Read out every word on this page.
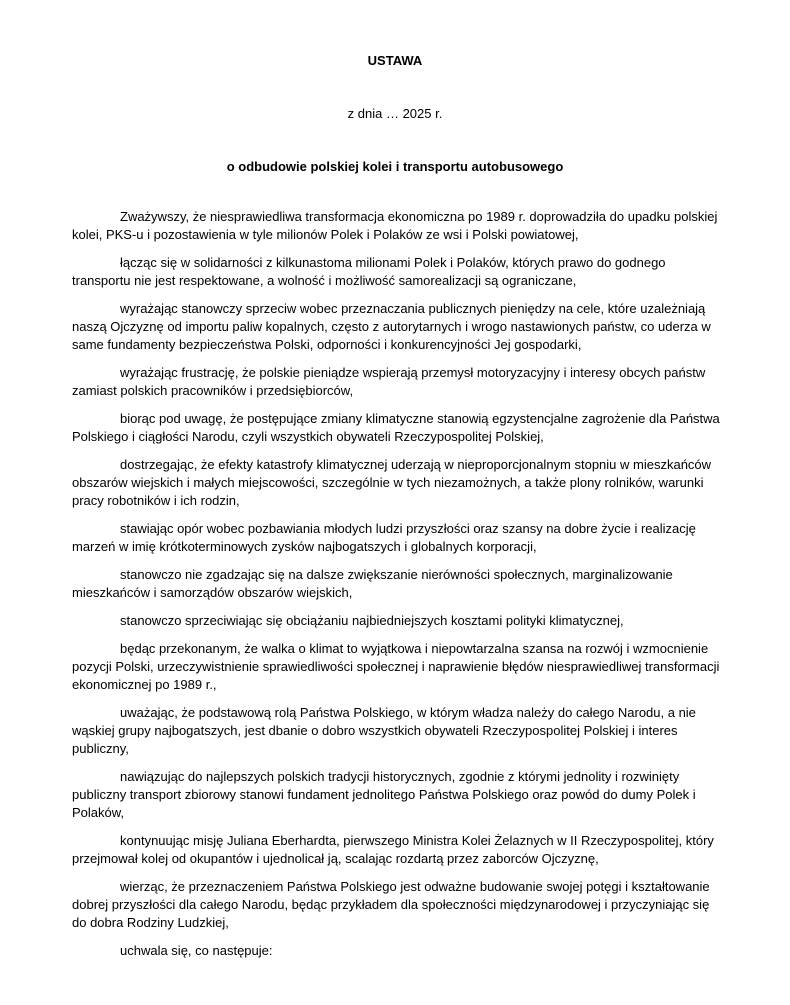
USTAWA
z dnia … 2025 r.
o odbudowie polskiej kolei i transportu autobusowego

Zważywszy, że niesprawiedliwa transformacja ekonomiczna po 1989 r. doprowadziła do upadku polskiej kolei, PKS-u i pozostawienia w tyle milionów Polek i Polaków ze wsi i Polski powiatowej,

łącząc się w solidarności z kilkunastoma milionami Polek i Polaków, których prawo do godnego transportu nie jest respektowane, a wolność i możliwość samorealizacji są ograniczane,

wyrażając stanowczy sprzeciw wobec przeznaczania publicznych pieniędzy na cele, które uzależniają naszą Ojczyznę od importu paliw kopalnych, często z autorytarnych i wrogo nastawionych państw, co uderza w same fundamenty bezpieczeństwa Polski, odporności i konkurencyjności Jej gospodarki,

wyrażając frustrację, że polskie pieniądze wspierają przemysł motoryzacyjny i interesy obcych państw zamiast polskich pracowników i przedsiębiorców,

biorąc pod uwagę, że postępujące zmiany klimatyczne stanowią egzystencjalne zagrożenie dla Państwa Polskiego i ciągłości Narodu, czyli wszystkich obywateli Rzeczypospolitej Polskiej,

dostrzegając, że efekty katastrofy klimatycznej uderzają w nieproporcjonalnym stopniu w mieszkańców obszarów wiejskich i małych miejscowości, szczególnie w tych niezamożnych, a także plony rolników, warunki pracy robotników i ich rodzin,

stawiając opór wobec pozbawiania młodych ludzi przyszłości oraz szansy na dobre życie i realizację marzeń w imię krótkoterminowych zysków najbogatszych i globalnych korporacji,

stanowczo nie zgadzając się na dalsze zwiększanie nierówności społecznych, marginalizowanie mieszkańców i samorządów obszarów wiejskich,

stanowczo sprzeciwiając się obciążaniu najbiedniejszych kosztami polityki klimatycznej,

będąc przekonanym, że walka o klimat to wyjątkowa i niepowtarzalna szansa na rozwój i wzmocnienie pozycji Polski, urzeczywistnienie sprawiedliwości społecznej i naprawienie błędów niesprawiedliwej transformacji ekonomicznej po 1989 r.,

uważając, że podstawową rolą Państwa Polskiego, w którym władza należy do całego Narodu, a nie wąskiej grupy najbogatszych, jest dbanie o dobro wszystkich obywateli Rzeczypospolitej Polskiej i interes publiczny,

nawiązując do najlepszych polskich tradycji historycznych, zgodnie z którymi jednolity i rozwinięty publiczny transport zbiorowy stanowi fundament jednolitego Państwa Polskiego oraz powód do dumy Polek i Polaków,

kontynuując misję Juliana Eberhardta, pierwszego Ministra Kolei Żelaznych w II Rzeczypospolitej, który przejmował kolej od okupantów i ujednolicał ją, scalając rozdartą przez zaborców Ojczyznę,

wierząc, że przeznaczeniem Państwa Polskiego jest odważne budowanie swojej potęgi i kształtowanie dobrej przyszłości dla całego Narodu, będąc przykładem dla społeczności międzynarodowej i przyczyniając się do dobra Rodziny Ludzkiej,

uchwala się, co następuje:
